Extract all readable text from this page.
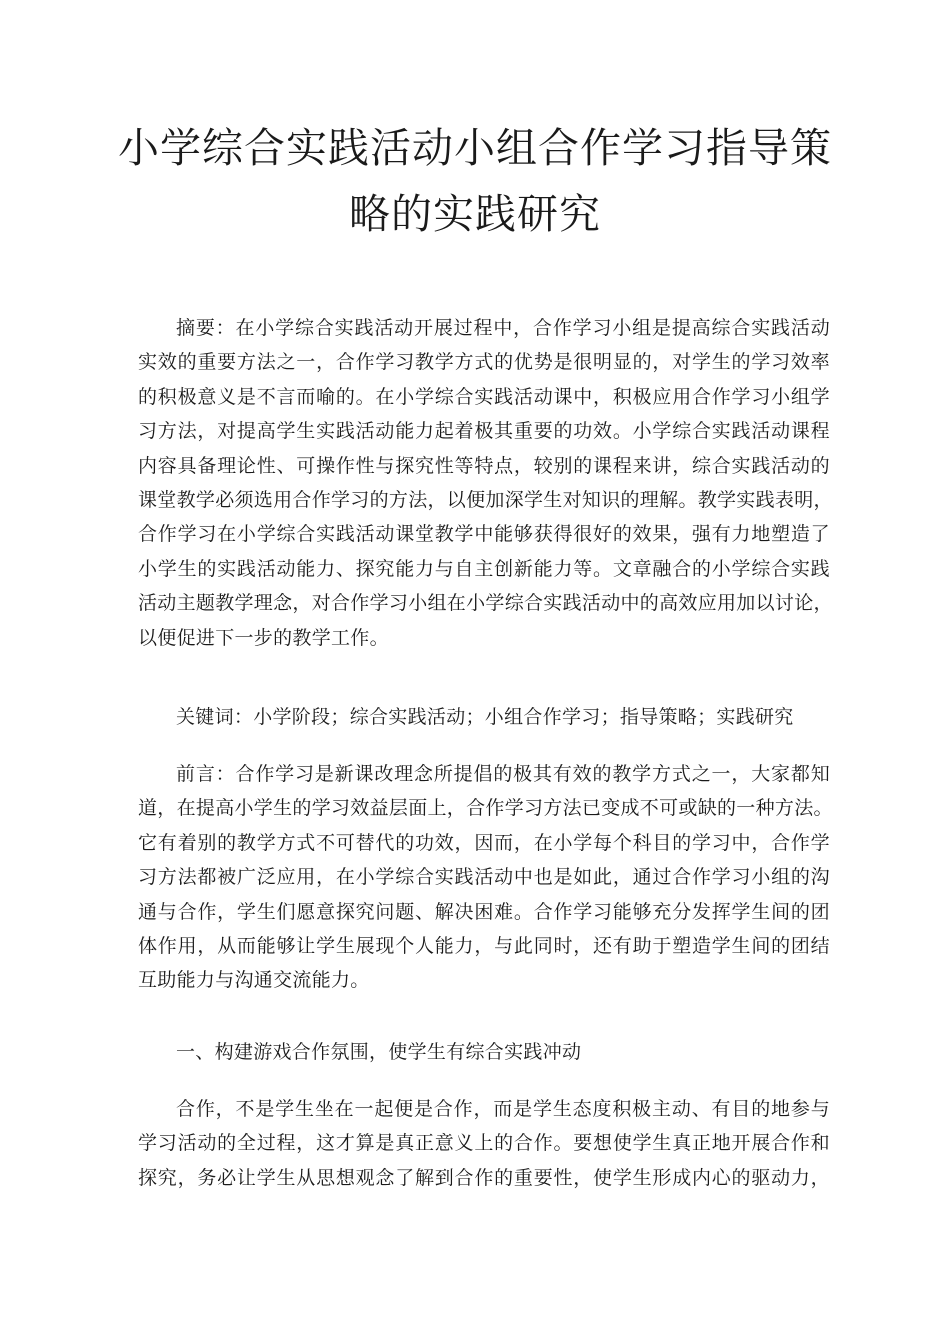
小学综合实践活动小组合作学习指导策
略的实践研究
摘要：在小学综合实践活动开展过程中，合作学习小组是提高综合实践活动
实效的重要方法之一，合作学习教学方式的优势是很明显的，对学生的学习效率
的积极意义是不言而喻的。在小学综合实践活动课中，积极应用合作学习小组学
习方法，对提高学生实践活动能力起着极其重要的功效。小学综合实践活动课程
内容具备理论性、可操作性与探究性等特点，较别的课程来讲，综合实践活动的
课堂教学必须选用合作学习的方法，以便加深学生对知识的理解。教学实践表明，
合作学习在小学综合实践活动课堂教学中能够获得很好的效果，强有力地塑造了
小学生的实践活动能力、探究能力与自主创新能力等。文章融合的小学综合实践
活动主题教学理念，对合作学习小组在小学综合实践活动中的高效应用加以讨论，
以便促进下一步的教学工作。
关键词：小学阶段；综合实践活动；小组合作学习；指导策略；实践研究
前言：合作学习是新课改理念所提倡的极其有效的教学方式之一，大家都知
道，在提高小学生的学习效益层面上，合作学习方法已变成不可或缺的一种方法。
它有着别的教学方式不可替代的功效，因而，在小学每个科目的学习中，合作学
习方法都被广泛应用，在小学综合实践活动中也是如此，通过合作学习小组的沟
通与合作，学生们愿意探究问题、解决困难。合作学习能够充分发挥学生间的团
体作用，从而能够让学生展现个人能力，与此同时，还有助于塑造学生间的团结
互助能力与沟通交流能力。
一、构建游戏合作氛围，使学生有综合实践冲动
合作，不是学生坐在一起便是合作，而是学生态度积极主动、有目的地参与
学习活动的全过程，这才算是真正意义上的合作。要想使学生真正地开展合作和
探究，务必让学生从思想观念了解到合作的重要性，使学生形成内心的驱动力，
